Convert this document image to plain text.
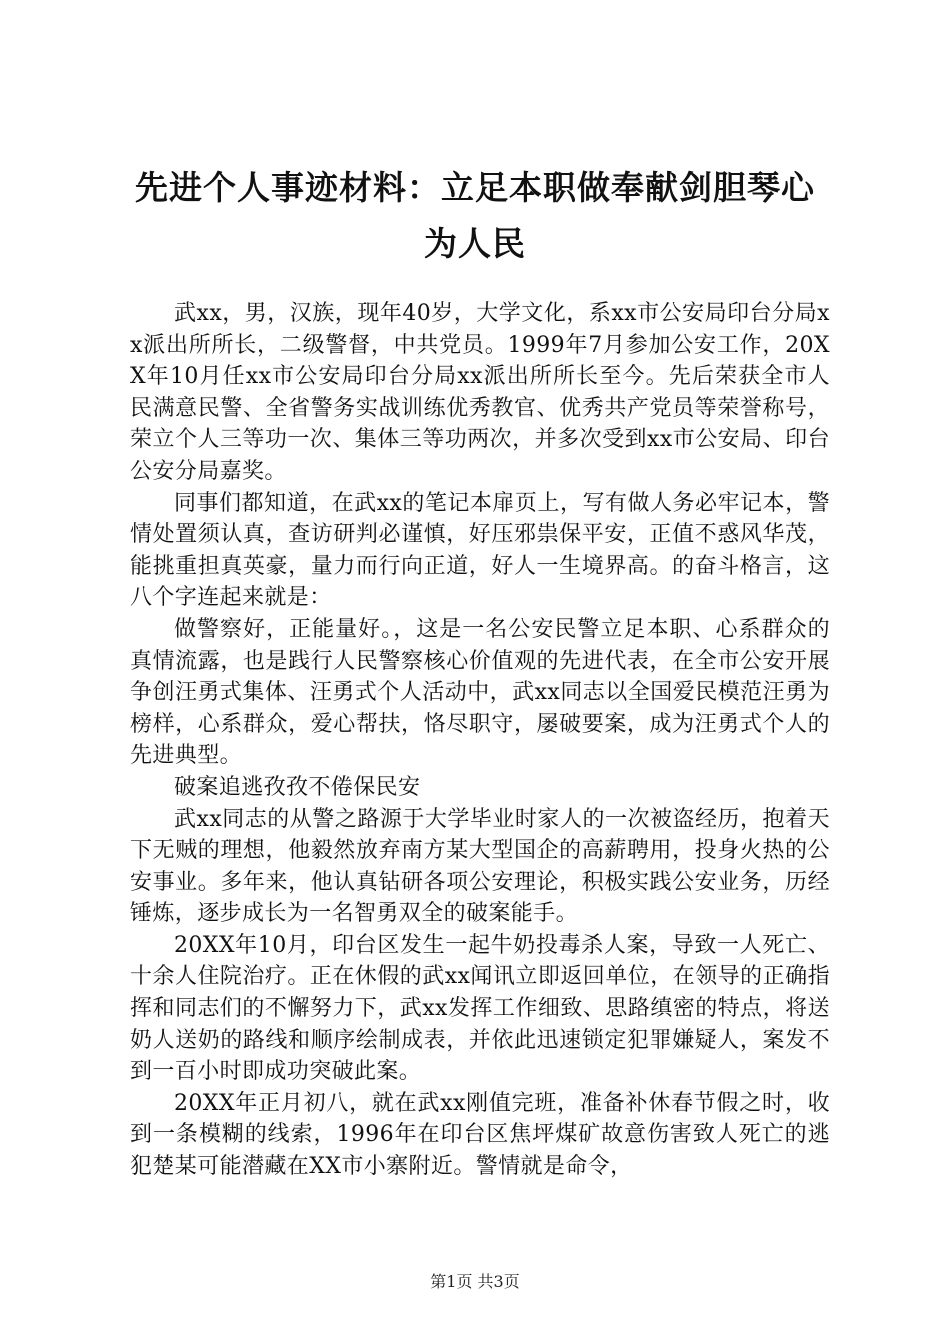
先进个人事迹材料：立足本职做奉献剑胆琴心
为人民

武xx，男，汉族，现年40岁，大学文化，系xx市公安局印台分局xx派出所所长，二级警督，中共党员。1999年7月参加公安工作，20XX年10月任xx市公安局印台分局xx派出所所长至今。先后荣获全市人民满意民警、全省警务实战训练优秀教官、优秀共产党员等荣誉称号，荣立个人三等功一次、集体三等功两次，并多次受到xx市公安局、印台公安分局嘉奖。

同事们都知道，在武xx的笔记本扉页上，写有做人务必牢记本，警情处置须认真，查访研判必谨慎，好压邪祟保平安，正值不惑风华茂，能挑重担真英豪，量力而行向正道，好人一生境界高。的奋斗格言，这八个字连起来就是：

做警察好，正能量好。，这是一名公安民警立足本职、心系群众的真情流露，也是践行人民警察核心价值观的先进代表，在全市公安开展争创汪勇式集体、汪勇式个人活动中，武xx同志以全国爱民模范汪勇为榜样，心系群众，爱心帮扶，恪尽职守，屡破要案，成为汪勇式个人的先进典型。

破案追逃孜孜不倦保民安

武xx同志的从警之路源于大学毕业时家人的一次被盗经历，抱着天下无贼的理想，他毅然放弃南方某大型国企的高薪聘用，投身火热的公安事业。多年来，他认真钻研各项公安理论，积极实践公安业务，历经锤炼，逐步成长为一名智勇双全的破案能手。

20XX年10月，印台区发生一起牛奶投毒杀人案，导致一人死亡、十余人住院治疗。正在休假的武xx闻讯立即返回单位，在领导的正确指挥和同志们的不懈努力下，武xx发挥工作细致、思路缜密的特点，将送奶人送奶的路线和顺序绘制成表，并依此迅速锁定犯罪嫌疑人，案发不到一百小时即成功突破此案。

20XX年正月初八，就在武xx刚值完班，准备补休春节假之时，收到一条模糊的线索，1996年在印台区焦坪煤矿故意伤害致人死亡的逃犯楚某可能潜藏在XX市小寨附近。警情就是命令，

第1页 共3页
